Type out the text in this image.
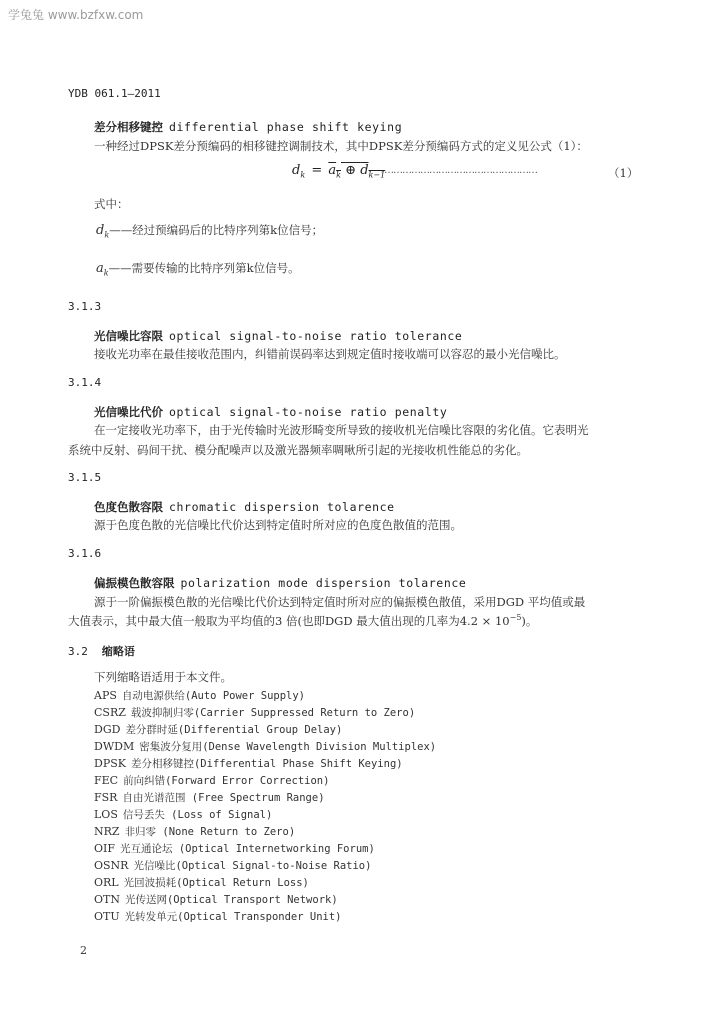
学兔兔 www.bzfxw.com
YDB 061.1—2011
差分相移键控 differential phase shift keying
一种经过DPSK差分预编码的相移键控调制技术，其中DPSK差分预编码方式的定义见公式（1）：
$d_k = a_k$ ⊕ $d_{k-1}$
……………………………………………	（1）
式中：
$d_k——$经过预编码后的比特序列第k位信号；
$a_k——$需要传输的比特序列第k位信号。
3.1.3
光信噪比容限 optical signal-to-noise ratio tolerance
接收光功率在最佳接收范围内，纠错前误码率达到规定值时接收端可以容忍的最小光信噪比。
3.1.4
光信噪比代价 optical signal-to-noise ratio penalty
在一定接收光功率下，由于光传输时光波形畸变所导致的接收机光信噪比容限的劣化值。它表明光
系统中反射、码间干扰、模分配噪声以及激光器频率啁啾所引起的光接收机性能总的劣化。
3.1.5
色度色散容限 chromatic dispersion tolarence
源于色度色散的光信噪比代价达到特定值时所对应的色度色散值的范围。
3.1.6
偏振模色散容限 polarization mode dispersion tolarence
源于一阶偏振模色散的光信噪比代价达到特定值时所对应的偏振模色散值，采用DGD 平均值或最
大值表示，其中最大值一般取为平均值的3 倍(也即DGD 最大值出现的几率为$4.2 \times 10^{-5}$)。
3.2 缩略语
下列缩略语适用于本文件。
APS 自动电源供给(Auto Power Supply)
CSRZ 载波抑制归零(Carrier Suppressed Return to Zero)
DGD 差分群时延(Differential Group Delay)
DWDM 密集波分复用(Dense Wavelength Division Multiplex)
DPSK 差分相移键控(Differential Phase Shift Keying)
FEC 前向纠错(Forward Error Correction)
FSR 自由光谱范围 (Free Spectrum Range)
LOS 信号丢失 (Loss of Signal)
NRZ 非归零 (None Return to Zero)
OIF 光互通论坛 (Optical Internetworking Forum)
OSNR 光信噪比(Optical Signal-to-Noise Ratio)
ORL 光回波损耗(Optical Return Loss)
OTN 光传送网(Optical Transport Network)
OTU 光转发单元(Optical Transponder Unit)
2
